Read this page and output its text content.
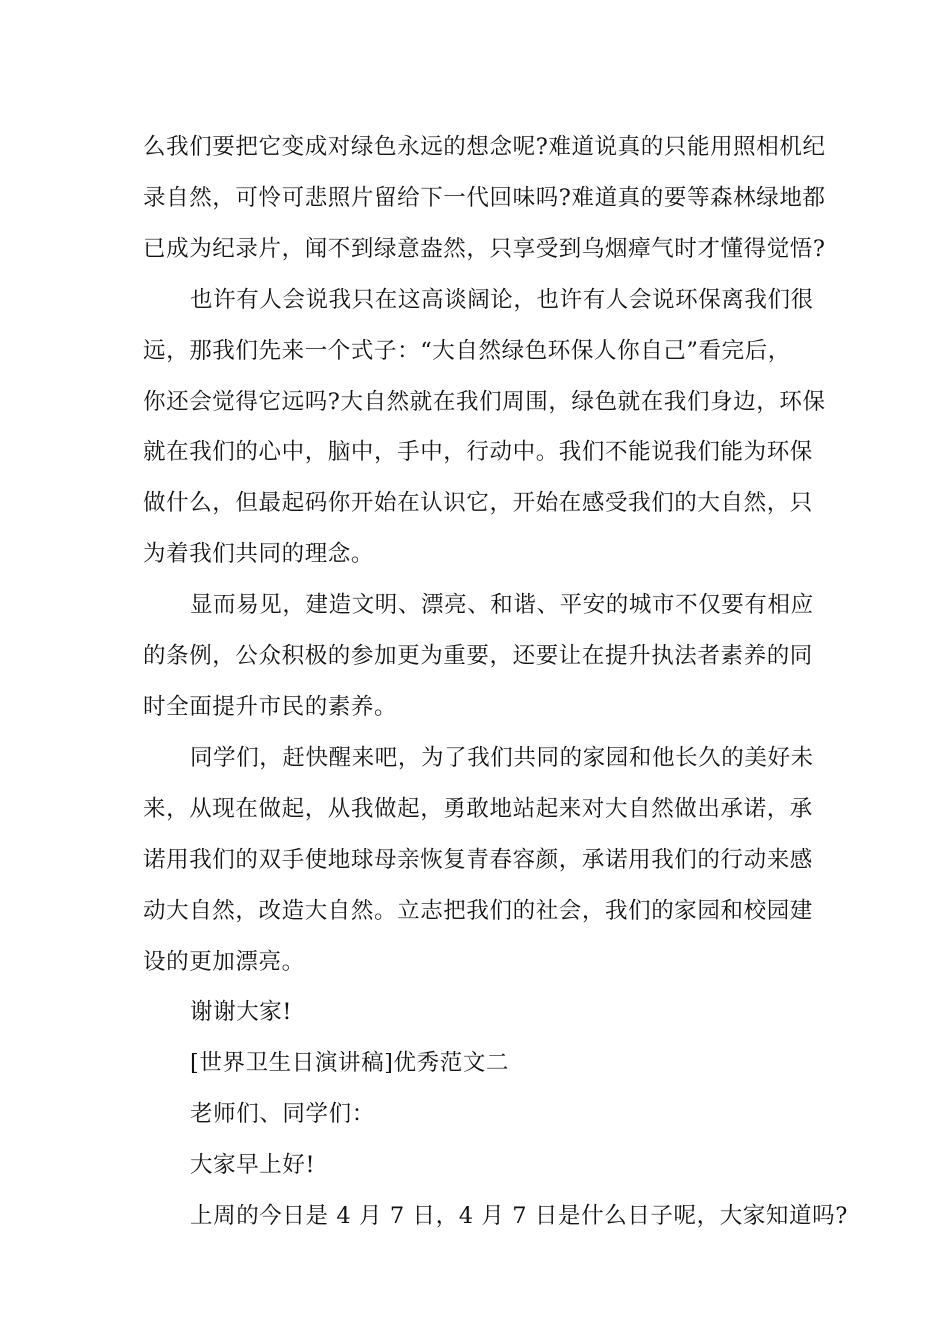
么我们要把它变成对绿色永远的想念呢?难道说真的只能用照相机纪
录自然，可怜可悲照片留给下一代回味吗?难道真的要等森林绿地都
已成为纪录片，闻不到绿意盎然，只享受到乌烟瘴气时才懂得觉悟?

也许有人会说我只在这高谈阔论，也许有人会说环保离我们很
远，那我们先来一个式子：“大自然绿色环保人你自己”看完后，
你还会觉得它远吗?大自然就在我们周围，绿色就在我们身边，环保
就在我们的心中，脑中，手中，行动中。我们不能说我们能为环保
做什么，但最起码你开始在认识它，开始在感受我们的大自然，只
为着我们共同的理念。

显而易见，建造文明、漂亮、和谐、平安的城市不仅要有相应
的条例，公众积极的参加更为重要，还要让在提升执法者素养的同
时全面提升市民的素养。

同学们，赶快醒来吧，为了我们共同的家园和他长久的美好未
来，从现在做起，从我做起，勇敢地站起来对大自然做出承诺，承
诺用我们的双手使地球母亲恢复青春容颜，承诺用我们的行动来感
动大自然，改造大自然。立志把我们的社会，我们的家园和校园建
设的更加漂亮。

谢谢大家!

[世界卫生日演讲稿]优秀范文二

老师们、同学们：

大家早上好!

上周的今日是 4 月 7 日，4 月 7 日是什么日子呢，大家知道吗?
